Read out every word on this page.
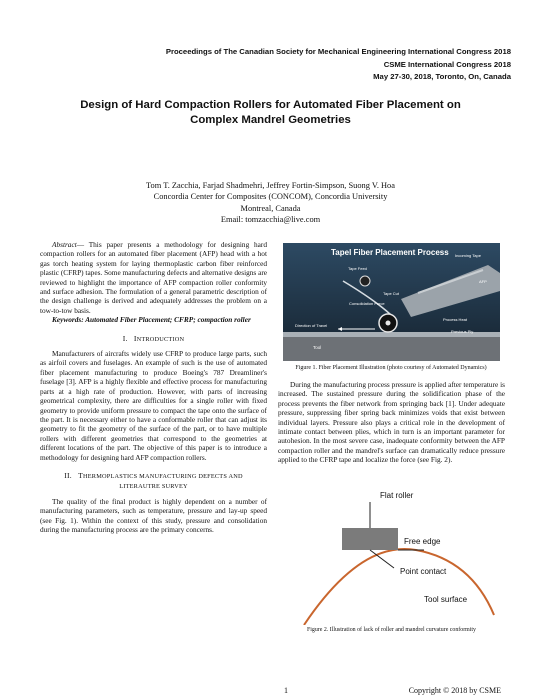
Proceedings of The Canadian Society for Mechanical Engineering International Congress 2018
CSME International Congress 2018
May 27-30, 2018, Toronto, On, Canada
Design of Hard Compaction Rollers for Automated Fiber Placement on
Complex Mandrel Geometries
Tom T. Zacchia, Farjad Shadmehri, Jeffrey Fortin-Simpson, Suong V. Hoa
Concordia Center for Composites (CONCOM), Concordia University
Montreal, Canada
Email: tomzacchia@live.com

Abstract— This paper presents a methodology for designing hard compaction rollers for an automated fiber placement (AFP) head with a hot gas torch heating system for laying thermoplastic carbon fiber reinforced plastic (CFRP) tapes. Some manufacturing defects and alternative designs are reviewed to highlight the importance of AFP compaction roller conformity and surface adhesion. The formulation of a general parametric description of the design challenge is derived and adequately addresses the problem on a tow-to-tow basis.

Keywords: Automated Fiber Placement; CFRP; compaction roller

I. INTRODUCTION

Manufacturers of aircrafts widely use CFRP to produce large parts, such as airfoil covers and fuselages. An example of such is the use of automated fiber placement manufacturing to produce Boeing's 787 Dreamliner's fuselage [3]. AFP is a highly flexible and effective process for manufacturing parts at a high rate of production. However, with parts of increasing geometrical complexity, there are difficulties for a single roller with fixed geometry to provide uniform pressure to compact the tape onto the surface of the part. It is necessary either to have a conformable roller that can adjust its geometry to fit the geometry of the surface of the part, or to have multiple rollers with different geometries that correspond to the geometries at different locations of the part. The objective of this paper is to introduce a methodology for designing hard AFP compaction rollers.

II. THERMOPLASTICS MANUFACTURING DEFECTS AND
LITERAUTRE SURVEY

The quality of the final product is highly dependent on a number of manufacturing parameters, such as temperature, pressure and lay-up speed (see Fig. 1). Within the context of this study, pressure and consolidation during the manufacturing process are the primary concerns.

Tapel Fiber Placement Process
Tape Feed
Incoming Tape
Tape Cut
Consolidation Force
Direction of Travel
Process Heat
Previous Ply
Tool
AFP
Figure 1. Fiber Placement Illustration (photo courtesy of Automated Dynamics)

During the manufacturing process pressure is applied after temperature is increased. The sustained pressure during the solidification phase of the process prevents the fiber network from springing back [1]. Under adequate pressure, suppressing fiber spring back minimizes voids that exist between individual layers. Pressure also plays a critical role in the development of intimate contact between plies, which in turn is an important parameter for autohesion. In the most severe case, inadequate conformity between the AFP compaction roller and the mandrel's surface can dramatically reduce pressure applied to the CFRP tape and localize the force (see Fig. 2).

Flat roller
Free edge
Point contact
Tool surface
Figure 2. Illustration of lack of roller and mandrel curvature conformity
1	Copyright © 2018 by CSME
